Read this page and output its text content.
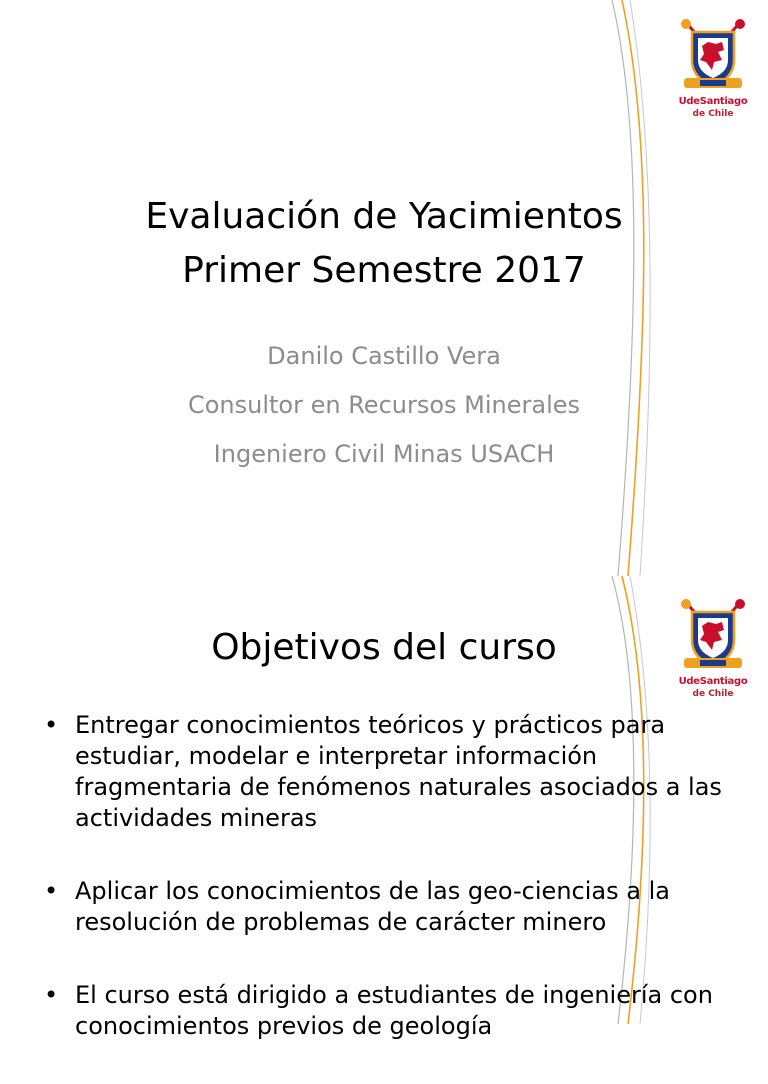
UdeSantiago
de Chile
Evaluación de Yacimientos
Primer Semestre 2017
Danilo Castillo Vera
Consultor en Recursos Minerales
Ingeniero Civil Minas USACH
UdeSantiago
de Chile
Objetivos del curso
• Entregar conocimientos teóricos y prácticos para estudiar, modelar e interpretar información fragmentaria de fenómenos naturales asociados a las actividades mineras
• Aplicar los conocimientos de las geo-ciencias a la resolución de problemas de carácter minero
• El curso está dirigido a estudiantes de ingeniería con conocimientos previos de geología
